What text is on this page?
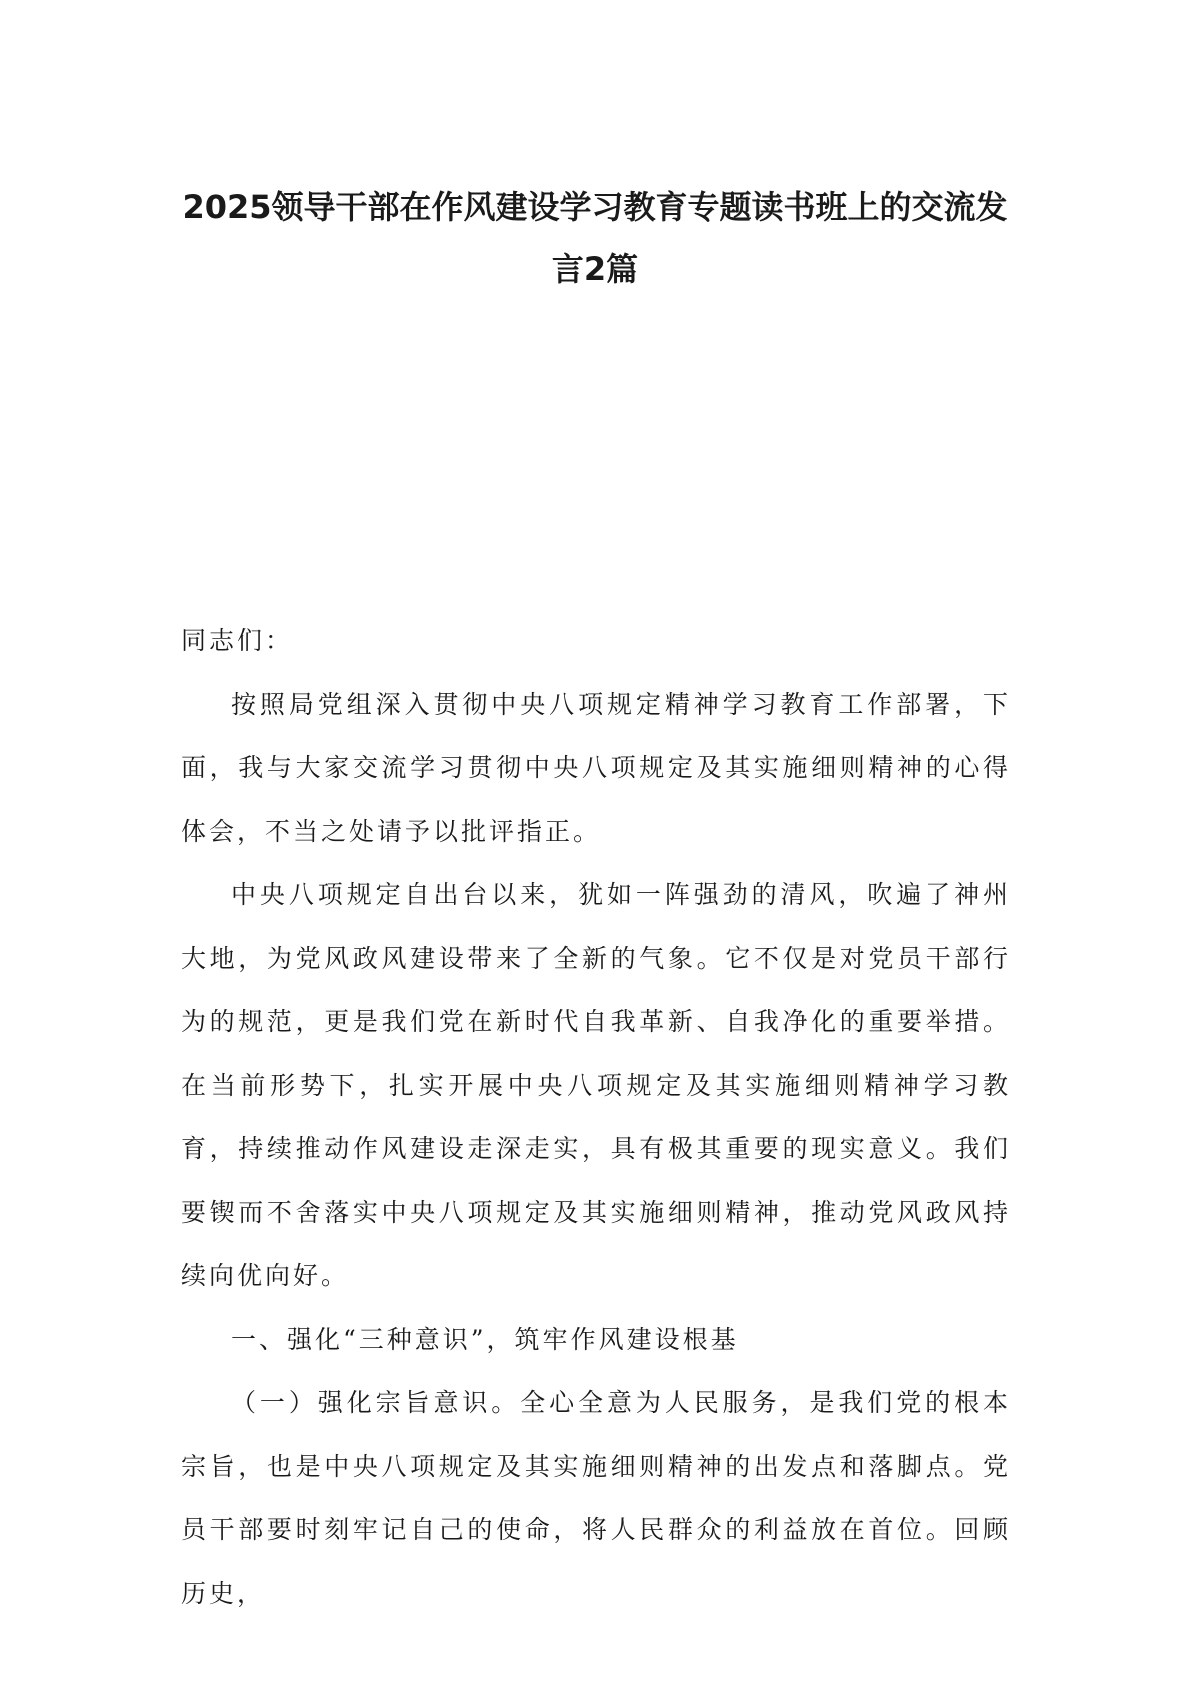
2025领导干部在作风建设学习教育专题读书班上的交流发
言2篇

同志们：

按照局党组深入贯彻中央八项规定精神学习教育工作部署，下面，我与大家交流学习贯彻中央八项规定及其实施细则精神的心得体会，不当之处请予以批评指正。

中央八项规定自出台以来，犹如一阵强劲的清风，吹遍了神州大地，为党风政风建设带来了全新的气象。它不仅是对党员干部行为的规范，更是我们党在新时代自我革新、自我净化的重要举措。在当前形势下，扎实开展中央八项规定及其实施细则精神学习教育，持续推动作风建设走深走实，具有极其重要的现实意义。我们要锲而不舍落实中央八项规定及其实施细则精神，推动党风政风持续向优向好。

一、强化“三种意识”，筑牢作风建设根基

（一）强化宗旨意识。全心全意为人民服务，是我们党的根本宗旨，也是中央八项规定及其实施细则精神的出发点和落脚点。党员干部要时刻牢记自己的使命，将人民群众的利益放在首位。回顾历史，
